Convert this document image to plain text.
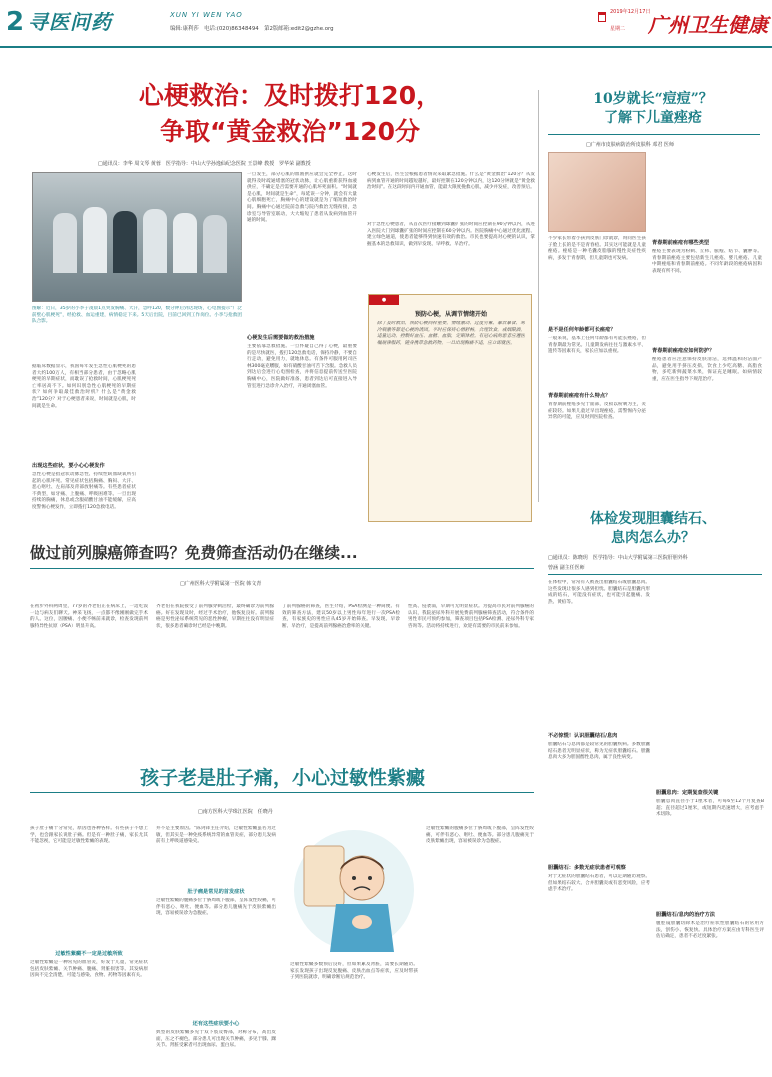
2 寻医问药	XUN YI WEN YAO
编辑:康利莎　电话:(020)86348494　第2版邮箱:edit2@gzhe.org
2019年12月17日
星期二 广州卫生健康
心梗救治：及时拨打120，
争取“黄金救治”120分
□通讯员：李华 周文琴 黄蓉　医学指导：中山大学孙逸仙纪念医院 王景峰 教授　罗华荣 副教授
图解：近日，35岁的小李子凌晨1点突发胸痛、大汗，急呼120，数分钟后到达现场，心电图提示“广泛前壁心肌梗死”，经抢救、血运重建，病情稳定下来。5天后出院，目前已回到工作岗位。小李与抢救团队合影。
据临床数据显示，我国每年发生急性心肌梗死的患者大约100万人，有相当部分患者，由于忽略心肌梗死的早期症状，而耽误了抢救时间，心肌梗死死亡率居高不下。如何识别急性心肌梗死的早期症状？如何争取最佳救治时机？什么是“黄金救治”120分？对于心梗患者来说，时间就是心肌，时间就是生命。
出现这些症状，要小心心梗发作
急性心梗是指冠状动脉急性、持续性缺血缺氧所引起的心肌坏死。常见症状包括胸痛、胸闷、大汗、恶心呕吐、左肩部及背部放射痛等。有些患者症状不典型，如牙痛、上腹痛、呼吸困难等。一旦出现持续的胸痛，休息或含服硝酸甘油不能缓解，应高度警惕心梗发作，立即拨打120急救电话。
一旦发生，部分心肌的血液供应就会完全停止。这时就得及时疏通堵塞的冠状动脉，让心肌重新获得血液供应，不确定是否需要开通的心肌坏死面积。“时间就是心肌，时间就是生命”，每延误一分钟，就会有大量心肌细胞死亡，胸痛中心的建设就是为了缩短救治时间。胸痛中心通过院前急救与院内救治无缝衔接，急诊室与导管室联动，大大缩短了患者从发病到血管开通的时间。
心梗发生后需要做的救治措施
主要依靠急救措施。一旦怀疑自己得了心梗，最重要的是尽快就医，拨打120急救电话，保持冷静，不要自行走动，避免用力，就地休息。有条件可服用阿司匹林300毫克嚼服，如有硝酸甘油可舌下含服。急救人员到达后会进行心电图检查，并将信息提前传送至医院胸痛中心，医院做好准备，患者到达后可直接进入导管室进行急诊介入治疗，开通闭塞血管。
心梗发生后，医生会根据患者情况采取紧急措施。什么是“黄金救治”120分？从发病到血管开通的时间越短越好，最好控制在120分钟以内，这120分钟就是“黄金救治时间”。在这段时间内开通血管，能最大限度挽救心肌，减少并发症，改善预后。
对于急性心梗患者，从首次医疗接触到球囊扩张的时间应控制在90分钟以内，从进入医院大门到球囊扩张的时间应控制在60分钟以内。医院胸痛中心通过优化流程、建立绿色通道，使患者能够得到快速有效的救治。市民也要提高对心梗的认识，掌握基本的急救知识，做到早发现、早呼救、早治疗。
●
预防心梗，从调节情绪开始
除了及时救治，预防心梗同样重要。情绪激动、过度劳累、暴饮暴食、寒冷刺激等都是心梗的诱因。平时应保持心情舒畅，合理饮食，戒烟限酒，适量运动，控制好血压、血糖、血脂，定期体检。有冠心病的患者应遵医嘱规律服药，随身携带急救药物，一旦出现胸痛不适，应立即就医。
10岁就长“痘痘”？
了解下儿童痤疮
□广州市皮肤病防治所皮肤科 邓君 医师
不少家长带着小孩到皮肤门诊就诊，询问医生孩子脸上长的是不是青春痘。其实这可能就是儿童痤疮。痤疮是一种毛囊皮脂腺的慢性炎症性疾病，多发于青春期，但儿童期也可发病。
是不是任何年龄都可长痤疮？
一般来说，基本上任何年龄都有可能长痤疮，但青春期最为常见。儿童期发病往往与激素水平、遗传等因素有关，家长应加以重视。
青春期前痤疮有什么特点？
青春期前痤疮多见于面部，皮损以粉刺为主，炎症较轻。如果儿童过早出现痤疮，需警惕内分泌异常的可能，应及时到医院检查。
青春期前痤疮有哪些类型
痤疮主要表现为粉刺、丘疹、脓疱、结节、囊肿等。青春期前痤疮主要包括新生儿痤疮、婴儿痤疮、儿童中期痤疮和青春期前痤疮。不同年龄段的痤疮病因和表现有所不同。
青春期前痤疮应如何防护？
痤疮患者应注意保持皮肤清洁，选择温和的洁面产品，避免用手挤压皮损，饮食上少吃高糖、高脂食物，多吃新鲜蔬菜水果，保证充足睡眠。如病情较重，应在医生指导下规范治疗。
体检发现胆囊结石、
息肉怎么办？
□通讯员：陈晓玥　医学指导：中山大学附属第三医院肝胆外科
曾涵 副主任医师
在体检中，常常有人被查出胆囊结石或胆囊息肉。这些发现让很多人感到担忧。胆囊结石是胆囊内形成的结石，可能没有症状，也可能引起腹痛、发热、黄疸等。
不必惊慌！认识胆囊结石/息肉
胆囊结石与息肉都是较常见的胆囊疾病。多数胆囊结石患者无明显症状，称为无症状胆囊结石。胆囊息肉大多为胆固醇性息肉，属于良性病变。
胆囊结石：多数无症状患者可观察
对于无症状的胆囊结石患者，可以定期随访观察。但如果结石较大、合并胆囊炎或有恶变风险，应考虑手术治疗。
胆囊息肉：定期复查很关键
胆囊息肉直径小于1厘米者，可每6至12个月复查B超；直径超过1厘米，或短期内迅速增大，应考虑手术切除。
胆囊结石/息肉的治疗方法
腹腔镜胆囊切除术是治疗症状性胆囊结石的常用方法，创伤小、恢复快。具体治疗方案应由专科医生评估后确定，患者不必过度紧张。
做过前列腺癌筛查吗？免费筛查活动仍在继续...
□广州医科大学附属第一医院 韩文青
在初步外科两周里，77岁的齐老伯正在病床上，一边吃饭一边与病友们聊天。神采飞扬，一点都不像刚刚做完手术的人。这位，因腰痛、小便不畅前来就诊，检查发现前列腺特异性抗原（PSA）明显升高。
齐老伯在我院接受了前列腺穿刺活检，最终确诊为前列腺癌。好在发现及时，经过手术治疗，他恢复良好。前列腺癌是男性泌尿系统常见的恶性肿瘤，早期往往没有明显症状，很多患者确诊时已经是中晚期。
了前列腺癌的筛查，医生介绍，PSA检测是一种简便、有效的筛查方法，建议50岁以上男性每年进行一次PSA检查，有家族史的男性应从45岁开始筛查。早发现、早诊断、早治疗，是提高前列腺癌治愈率的关键。
性高、侵袭弱，早期可无明显症状。为提高市民对前列腺癌的认识，我院泌尿外科开展免费前列腺癌筛查活动，符合条件的男性市民可预约参加，筛查项目包括PSA检测、泌尿外科专家咨询等。活动将持续进行，欢迎有需要的市民前来参加。
孩子老是肚子痛，小心过敏性紫癜
□南方医科大学珠江医院　任晓丹
孩子肚子痛十分常见，原因也各种各样。有些孩子不想上学，也会跟家长说肚子痛。但是有一种肚子痛，家长尤其不能忽视，它可能是过敏性紫癜的表现。
过敏性紫癜不一定是过敏所致
过敏性紫癜是一种常见的血管炎，好发于儿童，常见症状包括皮肤紫癜、关节肿痛、腹痛、肾脏损害等。其发病原因尚不完全清楚，可能与感染、食物、药物等因素有关。
并不是主要原因。“陈剑锋主任介绍，过敏性紫癜虽名为过敏，但其实是一种免疫系统异常的血管炎症，部分患儿发病前有上呼吸道感染史。
肚子痛是常见的首发症状
过敏性紫癜的腹痛多位于脐周或下腹部，呈阵发性绞痛，可伴有恶心、呕吐、便血等。部分患儿腹痛先于皮肤紫癜出现，容易被误诊为急腹症。
还有这些症状要小心
典型的皮肤紫癜多见于双下肢及臀部，对称分布，高出皮面，压之不褪色。部分患儿可出现关节肿痛，多见于膝、踝关节。肾脏受累者可出现血尿、蛋白尿。
过敏性紫癜多数预后良好，但如果累及肾脏，需要长期随访。家长发现孩子出现反复腹痛、皮肤出血点等症状，应及时带孩子到医院就诊，明确诊断后规范治疗。
过敏性紫癜的腹痛多位于脐周或下腹部，呈阵发性绞痛，可伴有恶心、呕吐、便血等。部分患儿腹痛先于皮肤紫癜出现，容易被误诊为急腹症。
